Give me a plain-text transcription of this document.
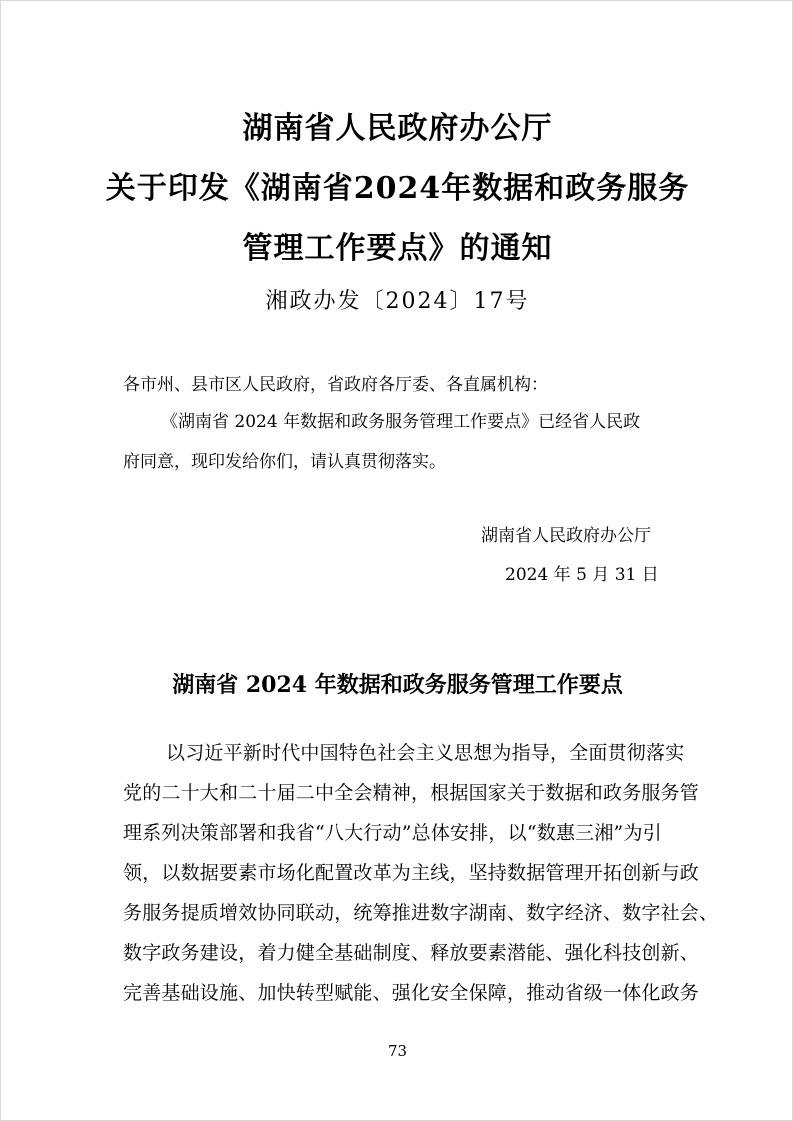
湖南省人民政府办公厅
关于印发《湖南省2024年数据和政务服务
管理工作要点》的通知
湘政办发〔2024〕17号
各市州、县市区人民政府，省政府各厅委、各直属机构：
《湖南省 2024 年数据和政务服务管理工作要点》已经省人民政
府同意，现印发给你们，请认真贯彻落实。
湖南省人民政府办公厅
2024 年 5 月 31 日
湖南省 2024 年数据和政务服务管理工作要点
以习近平新时代中国特色社会主义思想为指导，全面贯彻落实
党的二十大和二十届二中全会精神，根据国家关于数据和政务服务管
理系列决策部署和我省“八大行动”总体安排，以“数惠三湘”为引
领，以数据要素市场化配置改革为主线，坚持数据管理开拓创新与政
务服务提质增效协同联动，统筹推进数字湖南、数字经济、数字社会、
数字政务建设，着力健全基础制度、释放要素潜能、强化科技创新、
完善基础设施、加快转型赋能、强化安全保障，推动省级一体化政务
73
